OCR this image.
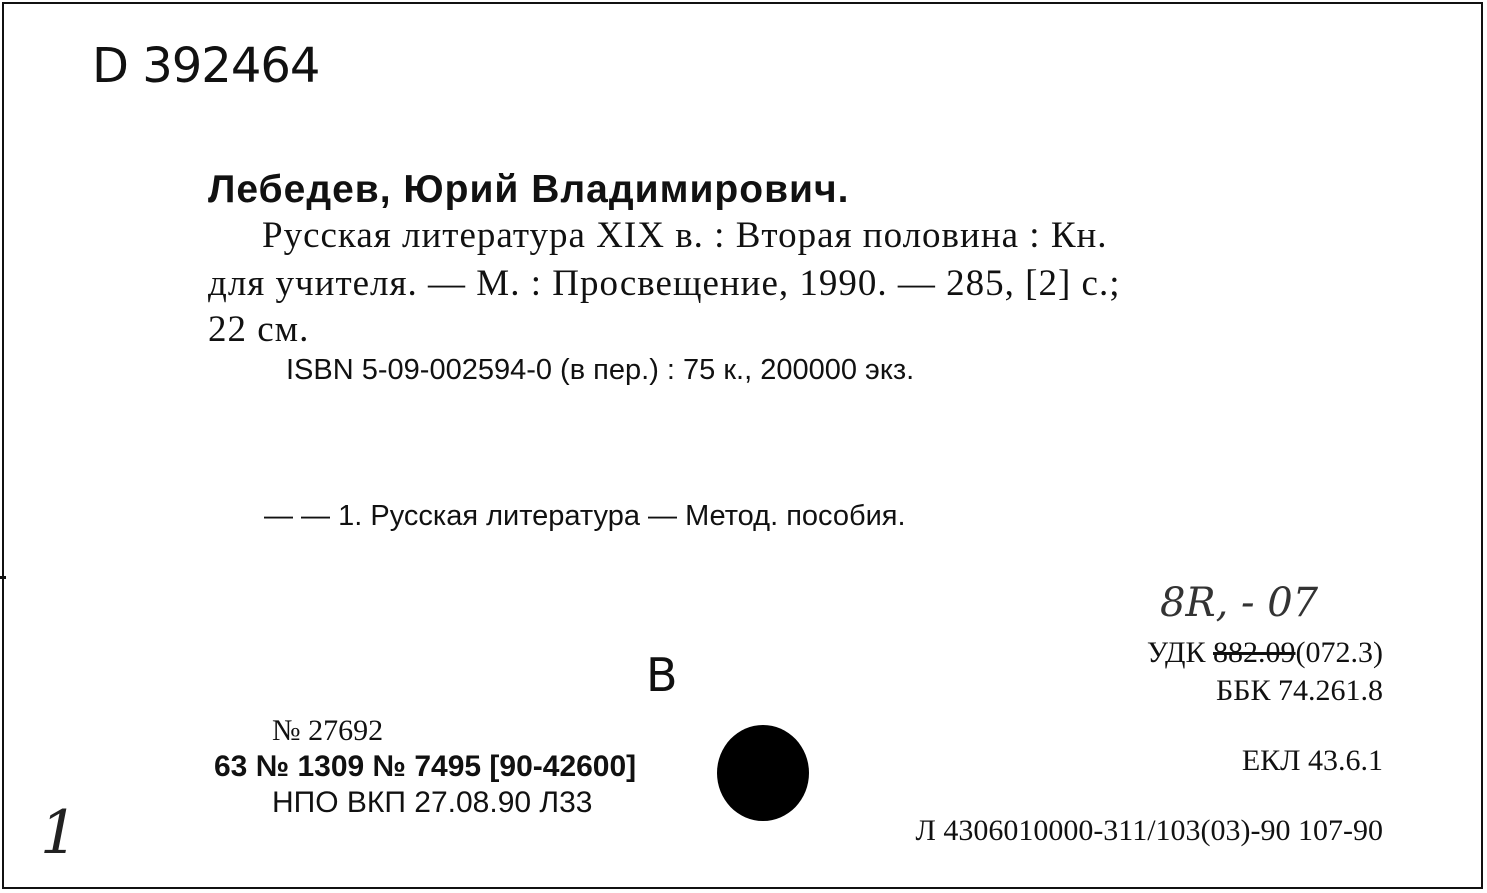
D 392464
Лебедев, Юрий Владимирович.
Русская литература XIX в. : Вторая половина : Кн.
для учителя. — М. : Просвещение, 1990. — 285, [2] с.;
22 см.
ISBN 5-09-002594-0 (в пер.) : 75 к., 200000 экз.
— — 1. Русская литература — Метод. пособия.
8R, - 07
УДК 882.09(072.3)
В	ББК 74.261.8
ЕКЛ 43.6.1
№ 27692
63 № 1309 № 7495 [90-42600]
НПО ВКП 27.08.90 Л33
1	Л 4306010000-311/103(03)-90 107-90
